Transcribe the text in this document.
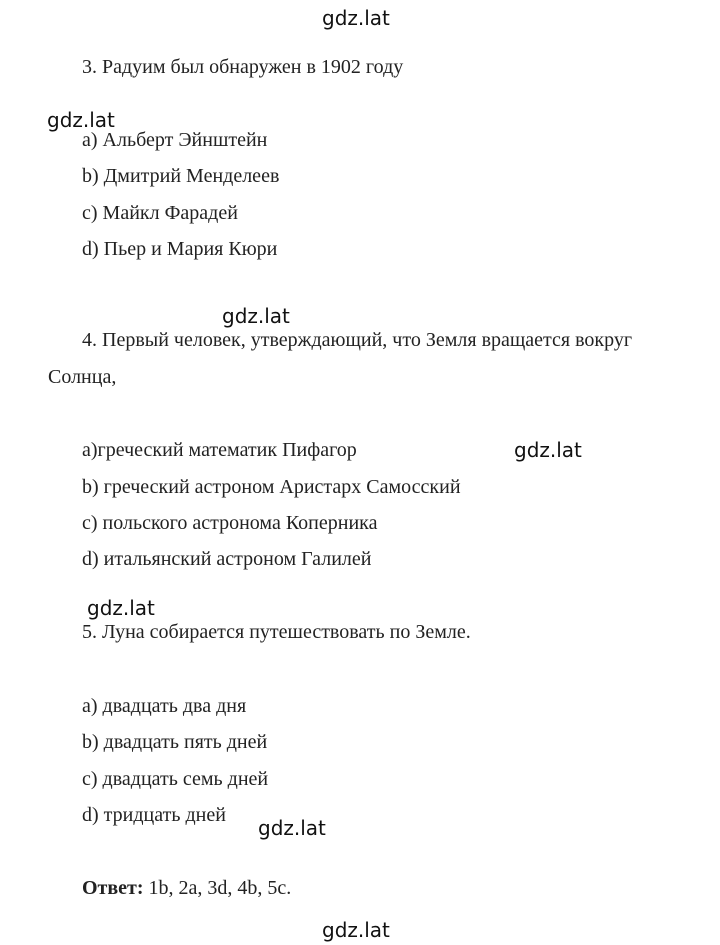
gdz.lat
gdz.lat
gdz.lat
gdz.lat
gdz.lat
gdz.lat
gdz.lat
3. Радуим был обнаружен в 1902 году
a) Альберт Эйнштейн
b) Дмитрий Менделеев
c) Майкл Фарадей
d) Пьер и Мария Кюри
4. Первый человек, утверждающий, что Земля вращается вокруг
Солнца,
a)греческий математик Пифагор
b) греческий астроном Аристарх Самосский
c) польского астронома Коперника
d) итальянский астроном Галилей
5. Луна собирается путешествовать по Земле.
a) двадцать два дня
b) двадцать пять дней
c) двадцать семь дней
d) тридцать дней
Ответ: 1b, 2a, 3d, 4b, 5c.
